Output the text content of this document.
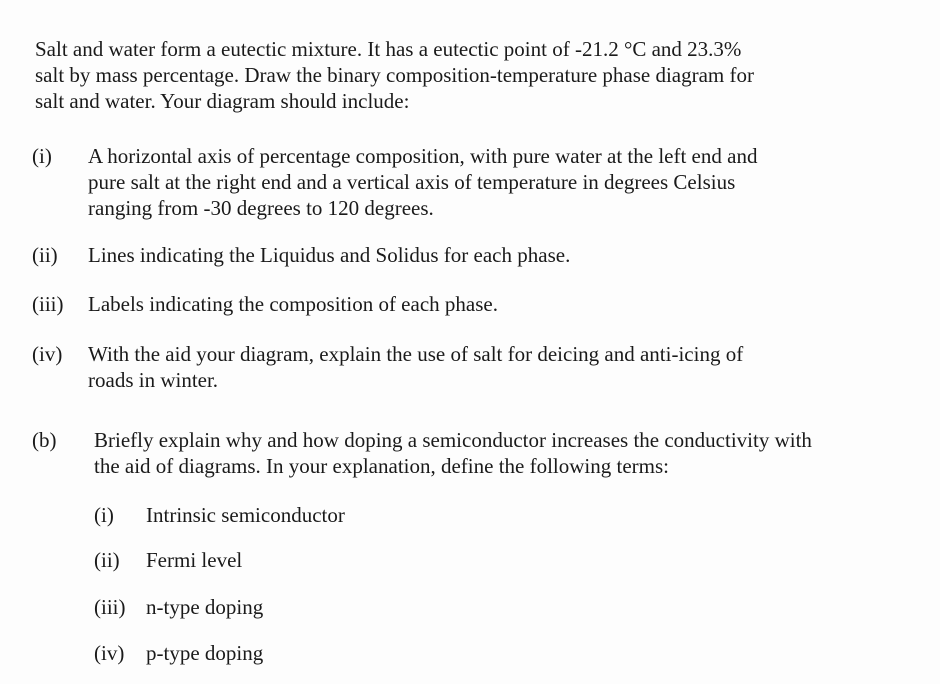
Salt and water form a eutectic mixture. It has a eutectic point of -21.2 °C and 23.3%
salt by mass percentage. Draw the binary composition-temperature phase diagram for
salt and water. Your diagram should include:
(i) A horizontal axis of percentage composition, with pure water at the left end and
pure salt at the right end and a vertical axis of temperature in degrees Celsius
ranging from -30 degrees to 120 degrees.
(ii) Lines indicating the Liquidus and Solidus for each phase.
(iii) Labels indicating the composition of each phase.
(iv) With the aid your diagram, explain the use of salt for deicing and anti-icing of
roads in winter.
(b) Briefly explain why and how doping a semiconductor increases the conductivity with
the aid of diagrams. In your explanation, define the following terms:
(i) Intrinsic semiconductor
(ii) Fermi level
(iii) n-type doping
(iv) p-type doping
